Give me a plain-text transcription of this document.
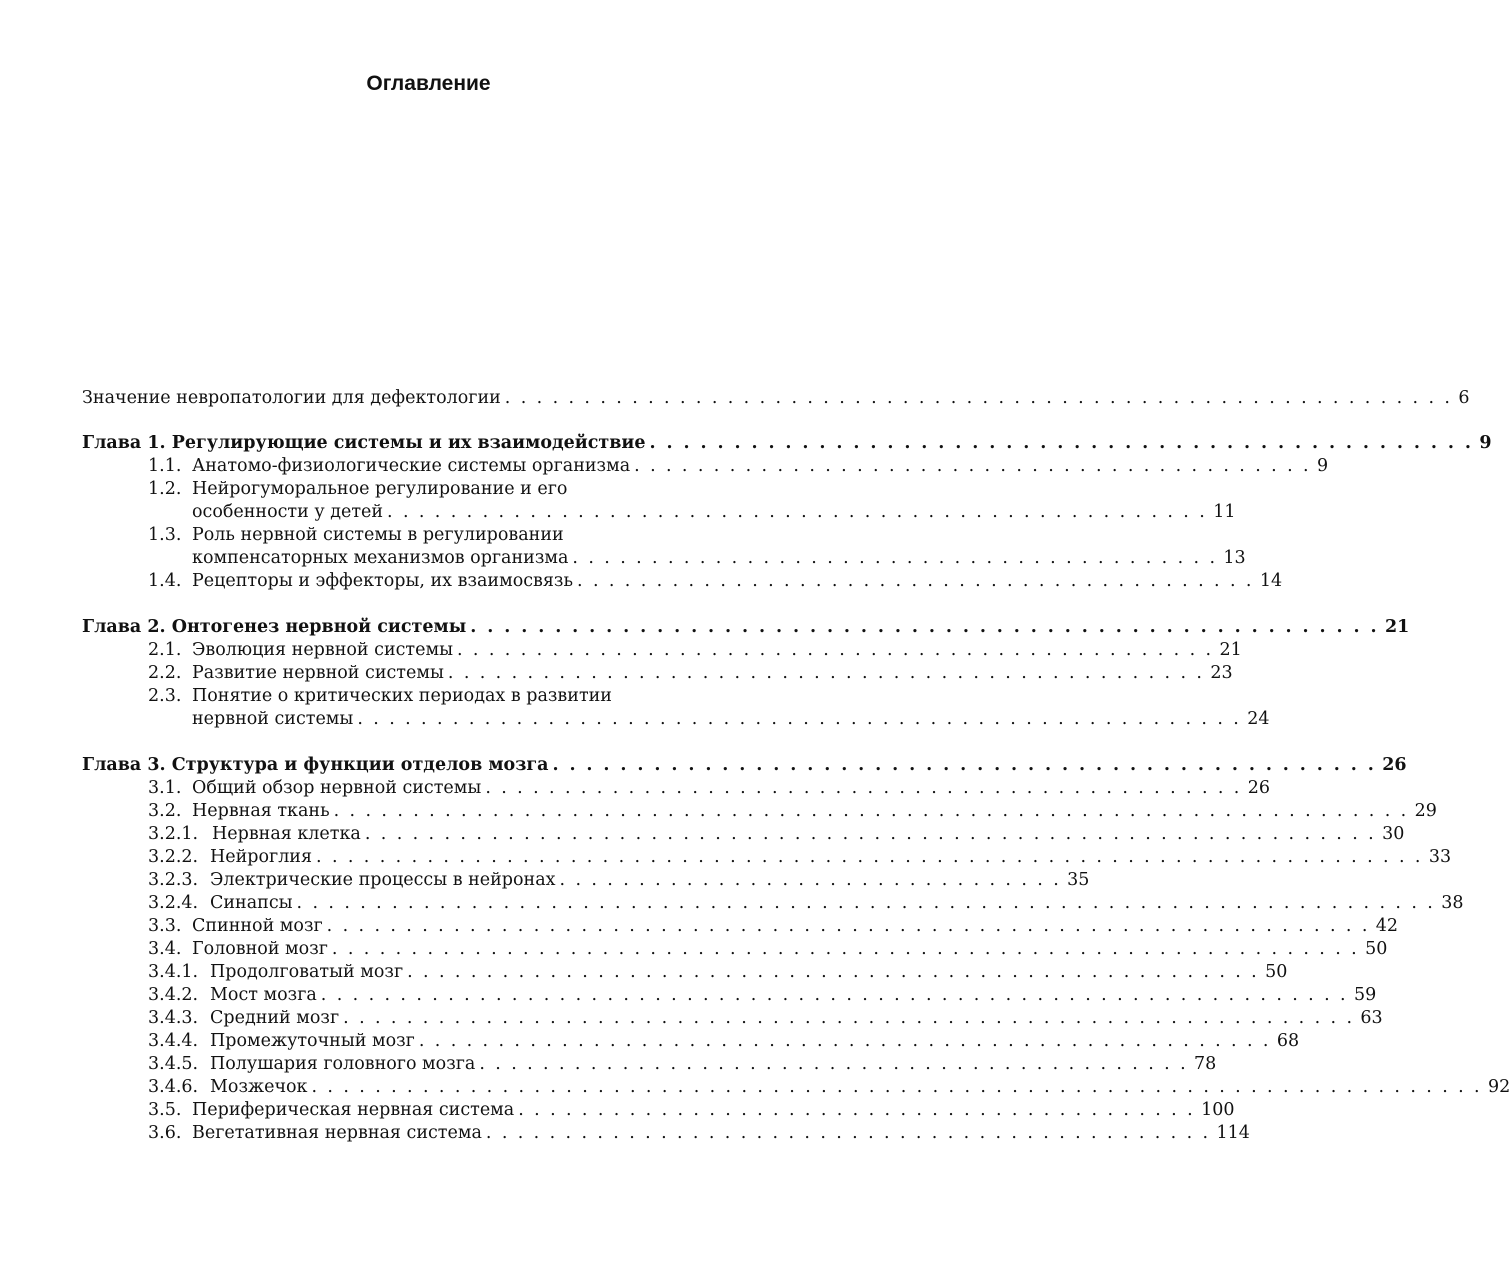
Оглавление
Значение невропатологии для дефектологии . . . . . . . . . . . . . . . . . . . . . . . . . . . . . . . . . . . . . . . . . . . . . . . . . . . . . . . . . . . . 6
Глава 1. Регулирующие системы и их взаимодействие . . . . . . . . . . . . . . . . . . . . . . . . . . . . . . . . . . . . . . . . . . . . . . . . . 9
1.1. Анатомо-физиологические системы организма . . . . . . . . . . . . . . . . . . . . . . . . . . . . . . . . . . . . . . . . . . . 9
1.2. Нейрогуморальное регулирование и его
особенности у детей . . . . . . . . . . . . . . . . . . . . . . . . . . . . . . . . . . . . . . . . . . . . . . . . . . . . 11
1.3. Роль нервной системы в регулировании
компенсаторных механизмов организма . . . . . . . . . . . . . . . . . . . . . . . . . . . . . . . . . . . . . . . . . 13
1.4. Рецепторы и эффекторы, их взаимосвязь . . . . . . . . . . . . . . . . . . . . . . . . . . . . . . . . . . . . . . . . . . . 14
Глава 2. Онтогенез нервной системы . . . . . . . . . . . . . . . . . . . . . . . . . . . . . . . . . . . . . . . . . . . . . . . . . . . . . . 21
2.1. Эволюция нервной системы . . . . . . . . . . . . . . . . . . . . . . . . . . . . . . . . . . . . . . . . . . . . . . . . 21
2.2. Развитие нервной системы . . . . . . . . . . . . . . . . . . . . . . . . . . . . . . . . . . . . . . . . . . . . . . . . 23
2.3. Понятие о критических периодах в развитии
нервной системы . . . . . . . . . . . . . . . . . . . . . . . . . . . . . . . . . . . . . . . . . . . . . . . . . . . . . . . . 24
Глава 3. Структура и функции отделов мозга . . . . . . . . . . . . . . . . . . . . . . . . . . . . . . . . . . . . . . . . . . . . . . . . . 26
3.1. Общий обзор нервной системы . . . . . . . . . . . . . . . . . . . . . . . . . . . . . . . . . . . . . . . . . . . . . . . . 26
3.2. Нервная ткань . . . . . . . . . . . . . . . . . . . . . . . . . . . . . . . . . . . . . . . . . . . . . . . . . . . . . . . . . . . . . . . . . . . . 29
3.2.1. Нервная клетка . . . . . . . . . . . . . . . . . . . . . . . . . . . . . . . . . . . . . . . . . . . . . . . . . . . . . . . . . . . . . . . . 30
3.2.2. Нейроглия . . . . . . . . . . . . . . . . . . . . . . . . . . . . . . . . . . . . . . . . . . . . . . . . . . . . . . . . . . . . . . . . . . . . . . 33
3.2.3. Электрические процессы в нейронах . . . . . . . . . . . . . . . . . . . . . . . . . . . . . . . . 35
3.2.4. Синапсы . . . . . . . . . . . . . . . . . . . . . . . . . . . . . . . . . . . . . . . . . . . . . . . . . . . . . . . . . . . . . . . . . . . . . . . . 38
3.3. Спинной мозг . . . . . . . . . . . . . . . . . . . . . . . . . . . . . . . . . . . . . . . . . . . . . . . . . . . . . . . . . . . . . . . . . . 42
3.4. Головной мозг . . . . . . . . . . . . . . . . . . . . . . . . . . . . . . . . . . . . . . . . . . . . . . . . . . . . . . . . . . . . . . . . . 50
3.4.1. Продолговатый мозг . . . . . . . . . . . . . . . . . . . . . . . . . . . . . . . . . . . . . . . . . . . . . . . . . . . . . . 50
3.4.2. Мост мозга . . . . . . . . . . . . . . . . . . . . . . . . . . . . . . . . . . . . . . . . . . . . . . . . . . . . . . . . . . . . . . . . . 59
3.4.3. Средний мозг . . . . . . . . . . . . . . . . . . . . . . . . . . . . . . . . . . . . . . . . . . . . . . . . . . . . . . . . . . . . . . . . 63
3.4.4. Промежуточный мозг . . . . . . . . . . . . . . . . . . . . . . . . . . . . . . . . . . . . . . . . . . . . . . . . . . . . . . 68
3.4.5. Полушария головного мозга . . . . . . . . . . . . . . . . . . . . . . . . . . . . . . . . . . . . . . . . . . . . . 78
3.4.6. Мозжечок . . . . . . . . . . . . . . . . . . . . . . . . . . . . . . . . . . . . . . . . . . . . . . . . . . . . . . . . . . . . . . . . . . . . . . . . . . 92
3.5. Периферическая нервная система . . . . . . . . . . . . . . . . . . . . . . . . . . . . . . . . . . . . . . . . . . . 100
3.6. Вегетативная нервная система . . . . . . . . . . . . . . . . . . . . . . . . . . . . . . . . . . . . . . . . . . . . . . 114
